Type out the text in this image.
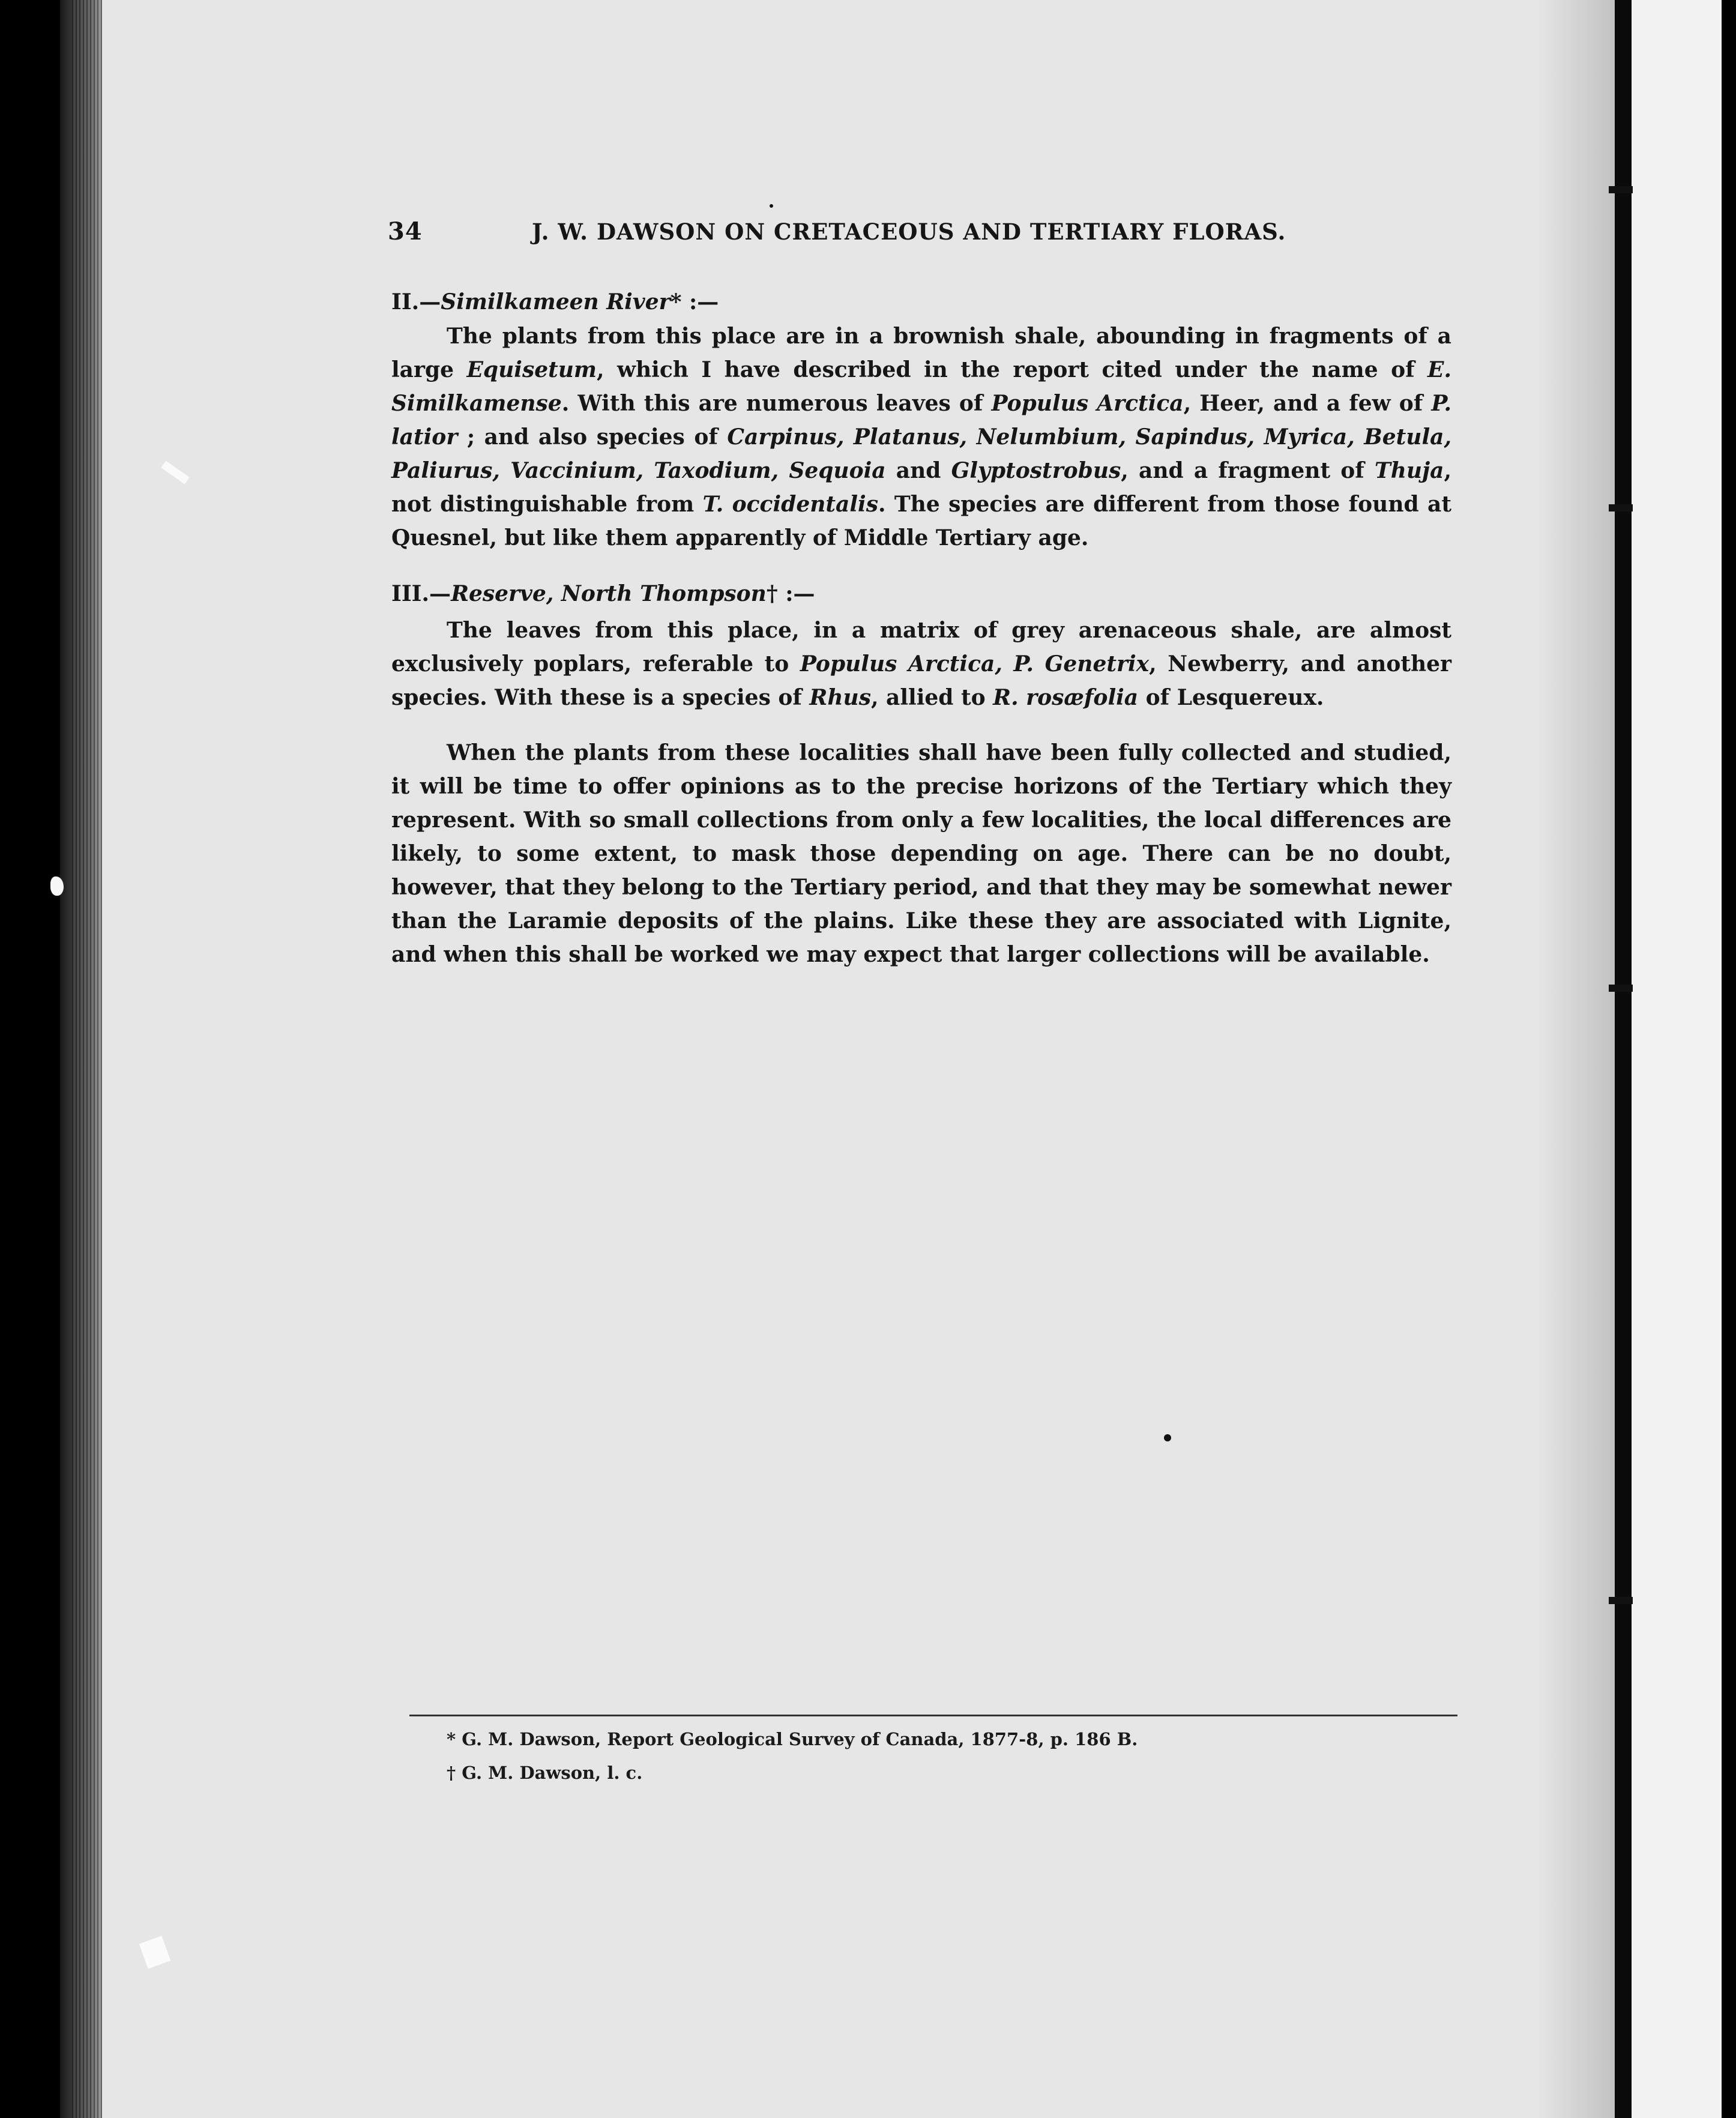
34	J. W. DAWSON ON CRETACEOUS AND TERTIARY FLORAS.
II.—Similkameen River* :—

The plants from this place are in a brownish shale, abounding in fragments of a large Equisetum, which I have described in the report cited under the name of E. Similkamense. With this are numerous leaves of Populus Arctica, Heer, and a few of P. latior ; and also species of Carpinus, Platanus, Nelumbium, Sapindus, Myrica, Betula, Paliurus, Vaccinium, Taxodium, Sequoia and Glyptostrobus, and a fragment of Thuja, not distinguishable from T. occidentalis. The species are different from those found at Quesnel, but like them apparently of Middle Tertiary age.

III.—Reserve, North Thompson† :—

The leaves from this place, in a matrix of grey arenaceous shale, are almost exclusively poplars, referable to Populus Arctica, P. Genetrix, Newberry, and another species. With these is a species of Rhus, allied to R. rosæfolia of Lesquereux.

When the plants from these localities shall have been fully collected and studied, it will be time to offer opinions as to the precise horizons of the Tertiary which they represent. With so small collections from only a few localities, the local differences are likely, to some extent, to mask those depending on age. There can be no doubt, however, that they belong to the Tertiary period, and that they may be somewhat newer than the Laramie deposits of the plains. Like these they are associated with Lignite, and when this shall be worked we may expect that larger collections will be available.

* G. M. Dawson, Report Geological Survey of Canada, 1877-8, p. 186 B.
† G. M. Dawson, l. c.
